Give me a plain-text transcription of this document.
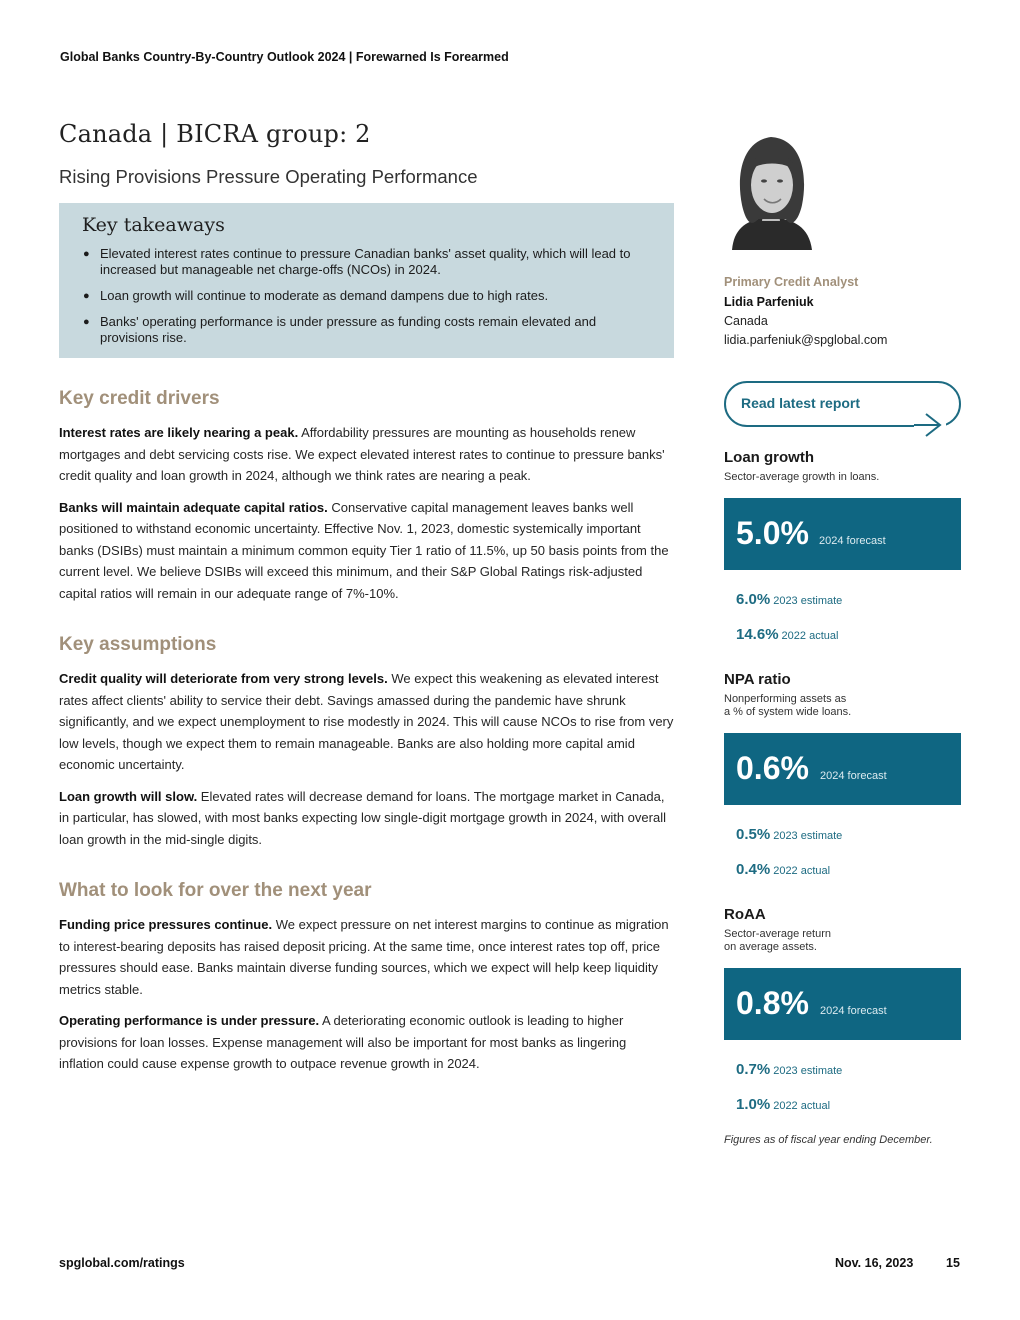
Global Banks Country-By-Country Outlook 2024 | Forewarned Is Forearmed
Canada | BICRA group: 2
Rising Provisions Pressure Operating Performance
Key takeaways
● Elevated interest rates continue to pressure Canadian banks' asset quality, which will lead to increased but manageable net charge-offs (NCOs) in 2024.
● Loan growth will continue to moderate as demand dampens due to high rates.
● Banks' operating performance is under pressure as funding costs remain elevated and provisions rise.
Key credit drivers

Interest rates are likely nearing a peak. Affordability pressures are mounting as households renew mortgages and debt servicing costs rise. We expect elevated interest rates to continue to pressure banks' credit quality and loan growth in 2024, although we think rates are nearing a peak.

Banks will maintain adequate capital ratios. Conservative capital management leaves banks well positioned to withstand economic uncertainty. Effective Nov. 1, 2023, domestic systemically important banks (DSIBs) must maintain a minimum common equity Tier 1 ratio of 11.5%, up 50 basis points from the current level. We believe DSIBs will exceed this minimum, and their S&P Global Ratings risk-adjusted capital ratios will remain in our adequate range of 7%-10%.

Key assumptions

Credit quality will deteriorate from very strong levels. We expect this weakening as elevated interest rates affect clients' ability to service their debt. Savings amassed during the pandemic have shrunk significantly, and we expect unemployment to rise modestly in 2024. This will cause NCOs to rise from very low levels, though we expect them to remain manageable. Banks are also holding more capital amid economic uncertainty.

Loan growth will slow. Elevated rates will decrease demand for loans. The mortgage market in Canada, in particular, has slowed, with most banks expecting low single-digit mortgage growth in 2024, with overall loan growth in the mid-single digits.

What to look for over the next year

Funding price pressures continue. We expect pressure on net interest margins to continue as migration to interest-bearing deposits has raised deposit pricing. At the same time, once interest rates top off, price pressures should ease. Banks maintain diverse funding sources, which we expect will help keep liquidity metrics stable.

Operating performance is under pressure. A deteriorating economic outlook is leading to higher provisions for loan losses. Expense management will also be important for most banks as lingering inflation could cause expense growth to outpace revenue growth in 2024.

Primary Credit Analyst
Lidia Parfeniuk
Canada
lidia.parfeniuk@spglobal.com
Read latest report
Loan growth
Sector-average growth in loans.
5.0% 2024 forecast
6.0% 2023 estimate
14.6% 2022 actual
NPA ratio
Nonperforming assets as
a % of system wide loans.
0.6% 2024 forecast
0.5% 2023 estimate
0.4% 2022 actual
RoAA
Sector-average return
on average assets.
0.8% 2024 forecast
0.7% 2023 estimate
1.0% 2022 actual
Figures as of fiscal year ending December.
spglobal.com/ratings	Nov. 16, 2023	15
